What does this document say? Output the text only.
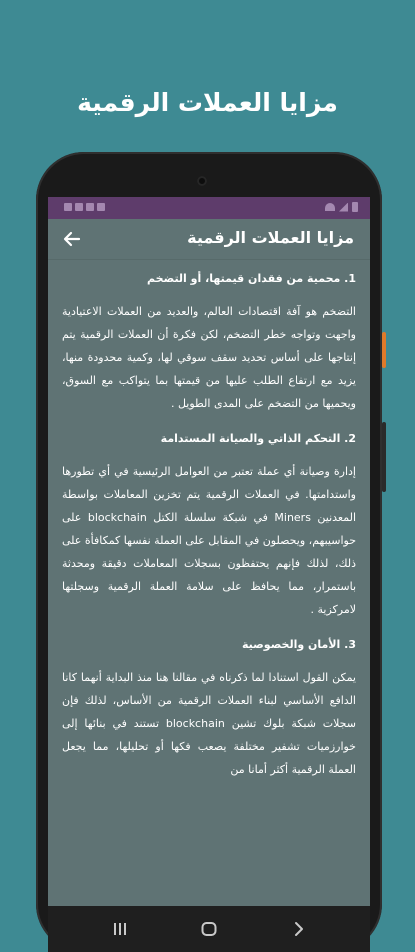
مزايا العملات الرقمية
مزايا العملات الرقمية
1. محمية من فقدان قيمتها، أو التضخم
التضخم هو آفة اقتصادات العالم، والعديد من العملات الاعتيادية واجهت وتواجه خطر التضخم، لكن فكرة أن العملات الرقمية يتم إنتاجها على أساس تحديد سقف سوقي لها، وكمية محدودة منها، يزيد مع ارتفاع الطلب عليها من قيمتها بما يتواكب مع السوق، ويحميها من التضخم على المدى الطويل .
2. التحكم الذاتي والصيانة المستدامة
إدارة وصيانة أي عملة تعتبر من العوامل الرئيسية في أي تطورها واستدامتها. في العملات الرقمية يتم تخزين المعاملات بواسطة المعدنين Miners في شبكة سلسلة الكتل blockchain على حواسيبهم، ويحصلون في المقابل على العملة نفسها كمكافأة على ذلك، لذلك فإنهم يحتفظون بسجلات المعاملات دقيقة ومحدثة باستمرار، مما يحافظ على سلامة العملة الرقمية وسجلتها لامركزية .
3. الأمان والخصوصية
يمكن القول استنادا لما ذكرناه في مقالنا هنا منذ البداية أنهما كانا الدافع الأساسي لبناء العملات الرقمية من الأساس، لذلك فإن سجلات شبكة بلوك تشين blockchain تستند في بنائها إلى خوارزميات تشفير مختلفة يصعب فكها أو تحليلها، مما يجعل العملة الرقمية أكثر أمانا من
